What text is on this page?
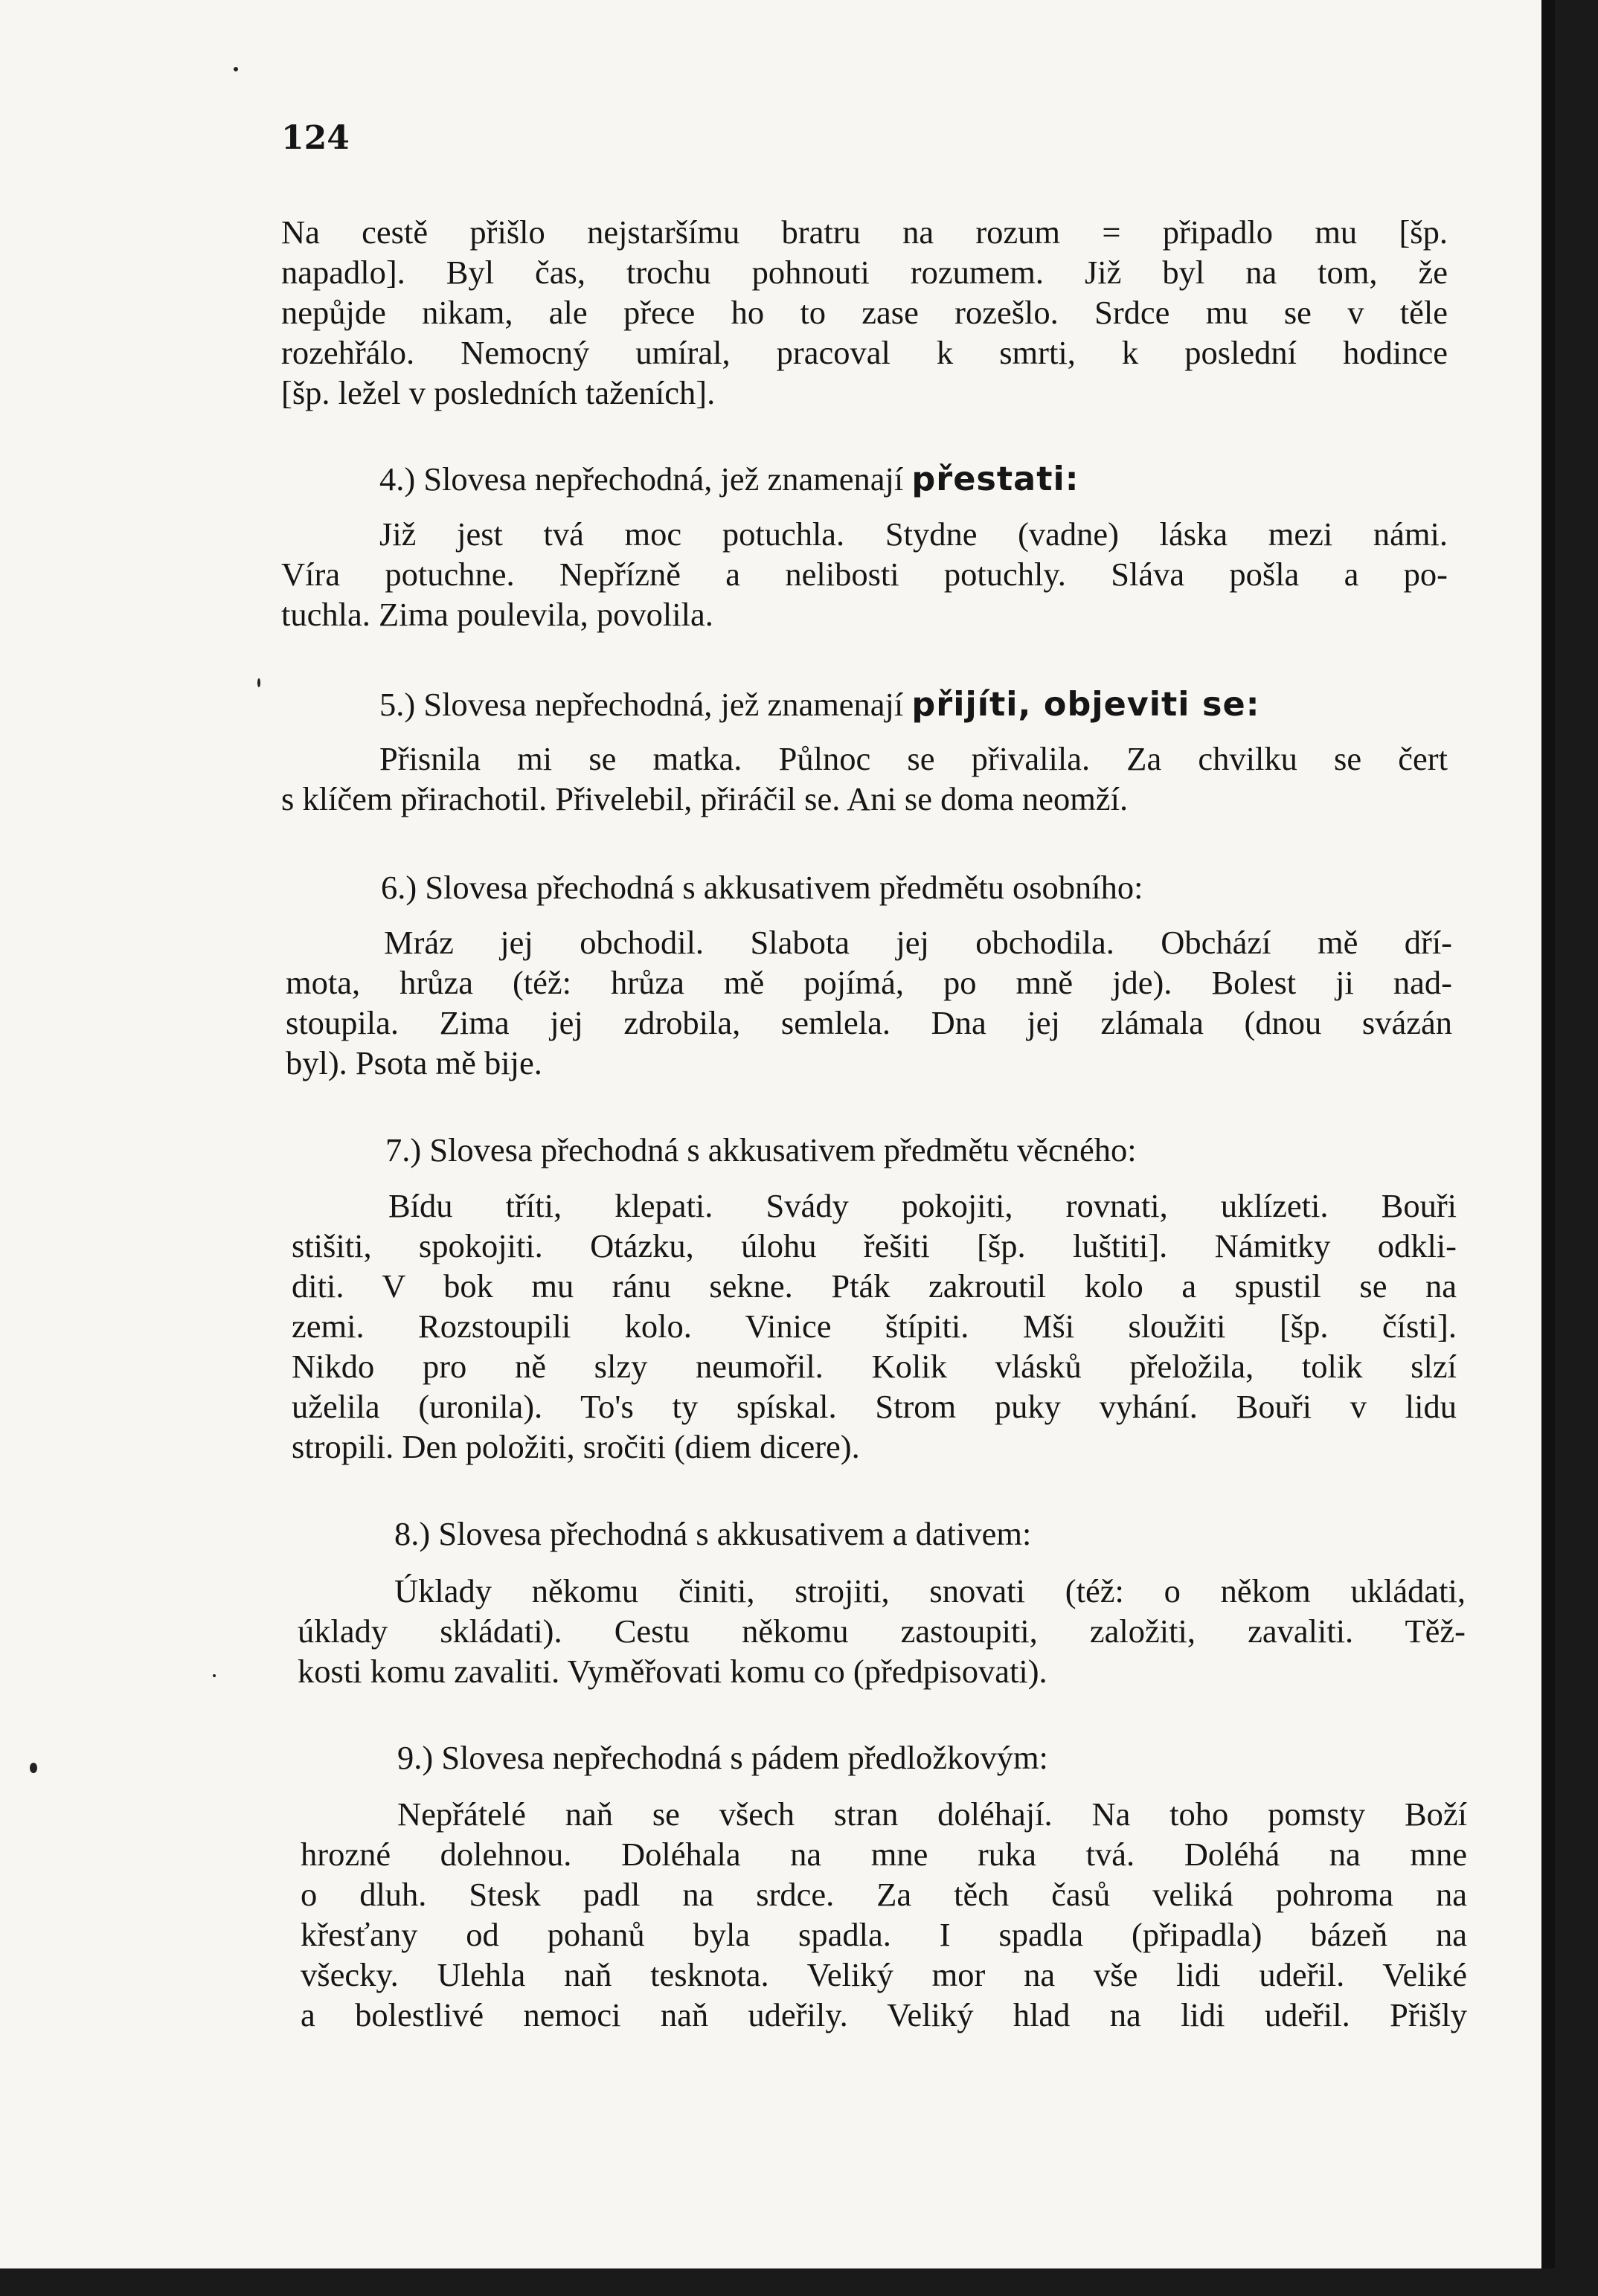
124
Na cestě přišlo nejstaršímu bratru na rozum = připadlo mu [šp.
napadlo]. Byl čas, trochu pohnouti rozumem. Již byl na tom, že
nepůjde nikam, ale přece ho to zase rozešlo. Srdce mu se v těle
rozehřálo. Nemocný umíral, pracoval k smrti, k poslední hodince
[šp. ležel v posledních taženích].
4.) Slovesa nepřechodná, jež znamenají přestati:
Již jest tvá moc potuchla. Stydne (vadne) láska mezi námi.
Víra potuchne. Nepřízně a nelibosti potuchly. Sláva pošla a po-
tuchla. Zima poulevila, povolila.
5.) Slovesa nepřechodná, jež znamenají přijíti, objeviti se:
Přisnila mi se matka. Půlnoc se přivalila. Za chvilku se čert
s klíčem přirachotil. Přivelebil, přiráčil se. Ani se doma neomží.
6.) Slovesa přechodná s akkusativem předmětu osobního:
Mráz jej obchodil. Slabota jej obchodila. Obchází mě dří-
mota, hrůza (též: hrůza mě pojímá, po mně jde). Bolest ji nad-
stoupila. Zima jej zdrobila, semlela. Dna jej zlámala (dnou svázán
byl). Psota mě bije.
7.) Slovesa přechodná s akkusativem předmětu věcného:
Bídu tříti, klepati. Svády pokojiti, rovnati, uklízeti. Bouři
stišiti, spokojiti. Otázku, úlohu řešiti [šp. luštiti]. Námitky odkli-
diti. V bok mu ránu sekne. Pták zakroutil kolo a spustil se na
zemi. Rozstoupili kolo. Vinice štípiti. Mši sloužiti [šp. čísti].
Nikdo pro ně slzy neumořil. Kolik vlásků přeložila, tolik slzí
uželila (uronila). To's ty spískal. Strom puky vyhání. Bouři v lidu
stropili. Den položiti, sročiti (diem dicere).
8.) Slovesa přechodná s akkusativem a dativem:
Úklady někomu činiti, strojiti, snovati (též: o někom ukládati,
úklady skládati). Cestu někomu zastoupiti, založiti, zavaliti. Těž-
kosti komu zavaliti. Vyměřovati komu co (předpisovati).
9.) Slovesa nepřechodná s pádem předložkovým:
Nepřátelé naň se všech stran doléhají. Na toho pomsty Boží
hrozné dolehnou. Doléhala na mne ruka tvá. Doléhá na mne
o dluh. Stesk padl na srdce. Za těch časů veliká pohroma na
křesťany od pohanů byla spadla. I spadla (připadla) bázeň na
všecky. Ulehla naň tesknota. Veliký mor na vše lidi udeřil. Veliké
a bolestlivé nemoci naň udeřily. Veliký hlad na lidi udeřil. Přišly
